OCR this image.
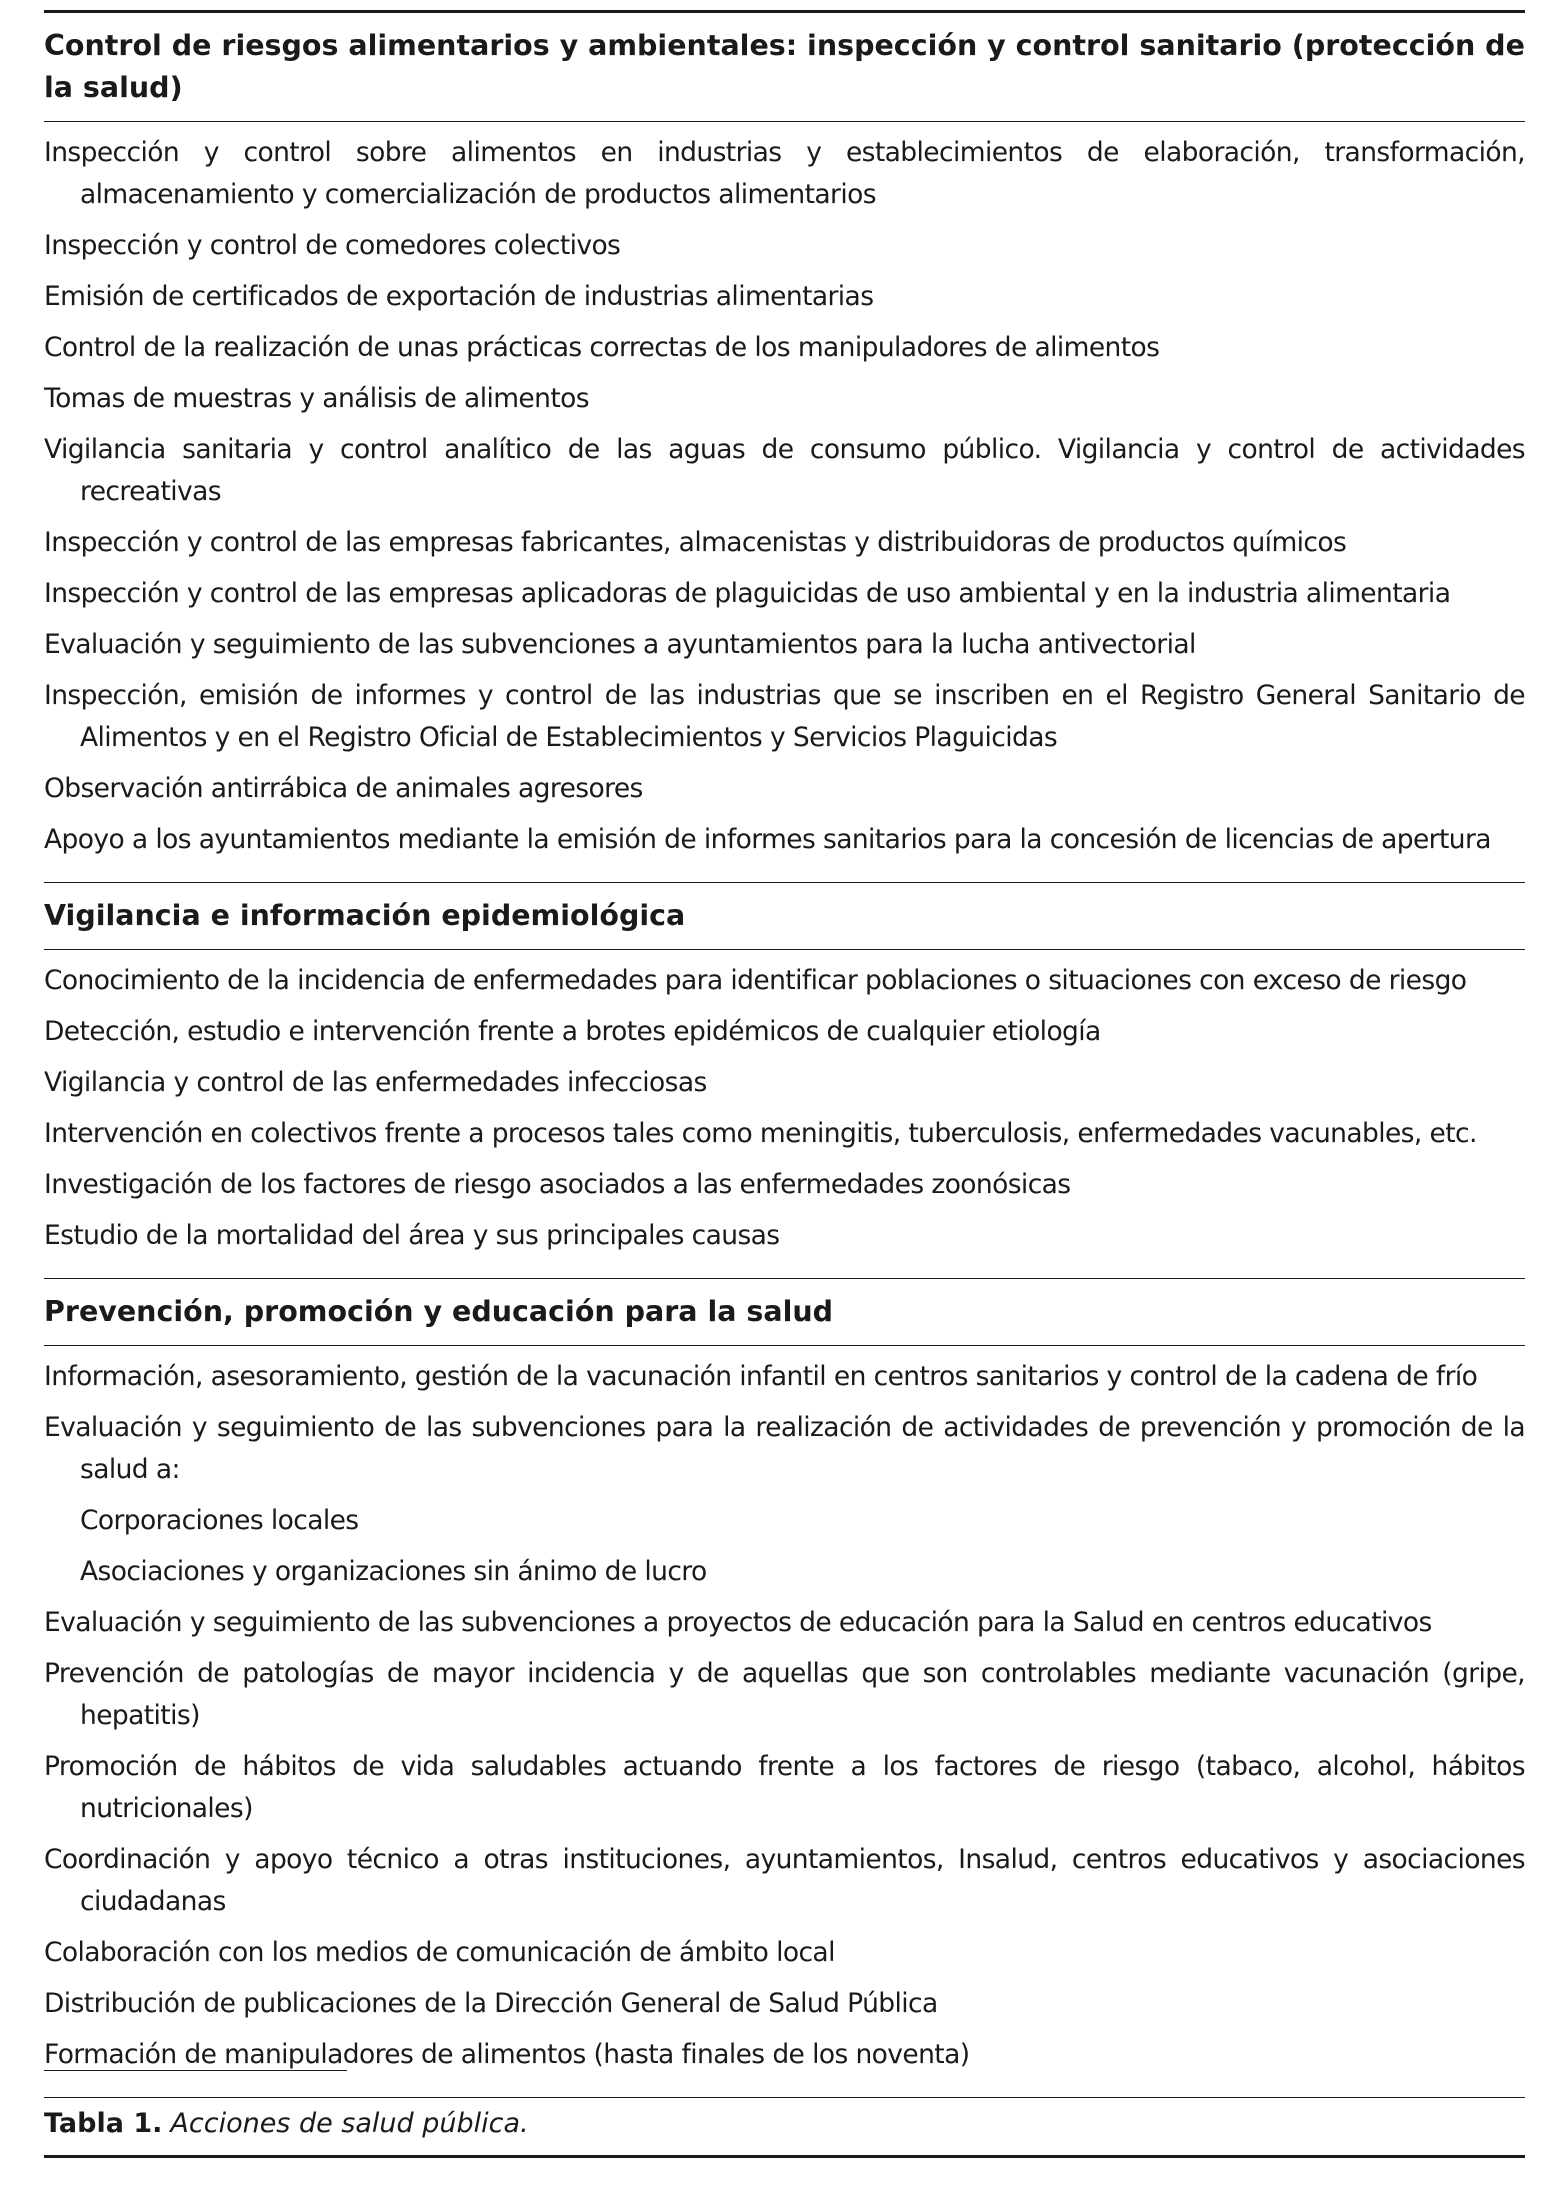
Control de riesgos alimentarios y ambientales: inspección y control sanitario (protección de la salud)
Inspección y control sobre alimentos en industrias y establecimientos de elaboración, transformación, almacenamiento y comercialización de productos alimentarios
Inspección y control de comedores colectivos
Emisión de certificados de exportación de industrias alimentarias
Control de la realización de unas prácticas correctas de los manipuladores de alimentos
Tomas de muestras y análisis de alimentos
Vigilancia sanitaria y control analítico de las aguas de consumo público. Vigilancia y control de actividades recreativas
Inspección y control de las empresas fabricantes, almacenistas y distribuidoras de productos químicos
Inspección y control de las empresas aplicadoras de plaguicidas de uso ambiental y en la industria alimentaria
Evaluación y seguimiento de las subvenciones a ayuntamientos para la lucha antivectorial
Inspección, emisión de informes y control de las industrias que se inscriben en el Registro General Sanitario de Alimentos y en el Registro Oficial de Establecimientos y Servicios Plaguicidas
Observación antirrábica de animales agresores
Apoyo a los ayuntamientos mediante la emisión de informes sanitarios para la concesión de licencias de apertura
Vigilancia e información epidemiológica
Conocimiento de la incidencia de enfermedades para identificar poblaciones o situaciones con exceso de riesgo
Detección, estudio e intervención frente a brotes epidémicos de cualquier etiología
Vigilancia y control de las enfermedades infecciosas
Intervención en colectivos frente a procesos tales como meningitis, tuberculosis, enfermedades vacunables, etc.
Investigación de los factores de riesgo asociados a las enfermedades zoonósicas
Estudio de la mortalidad del área y sus principales causas
Prevención, promoción y educación para la salud
Información, asesoramiento, gestión de la vacunación infantil en centros sanitarios y control de la cadena de frío
Evaluación y seguimiento de las subvenciones para la realización de actividades de prevención y promoción de la salud a:
Corporaciones locales
Asociaciones y organizaciones sin ánimo de lucro
Evaluación y seguimiento de las subvenciones a proyectos de educación para la Salud en centros educativos
Prevención de patologías de mayor incidencia y de aquellas que son controlables mediante vacunación (gripe, hepatitis)
Promoción de hábitos de vida saludables actuando frente a los factores de riesgo (tabaco, alcohol, hábitos nutricionales)
Coordinación y apoyo técnico a otras instituciones, ayuntamientos, Insalud, centros educativos y asociaciones ciudadanas
Colaboración con los medios de comunicación de ámbito local
Distribución de publicaciones de la Dirección General de Salud Pública
Formación de manipuladores de alimentos (hasta finales de los noventa)
Tabla 1. Acciones de salud pública.
